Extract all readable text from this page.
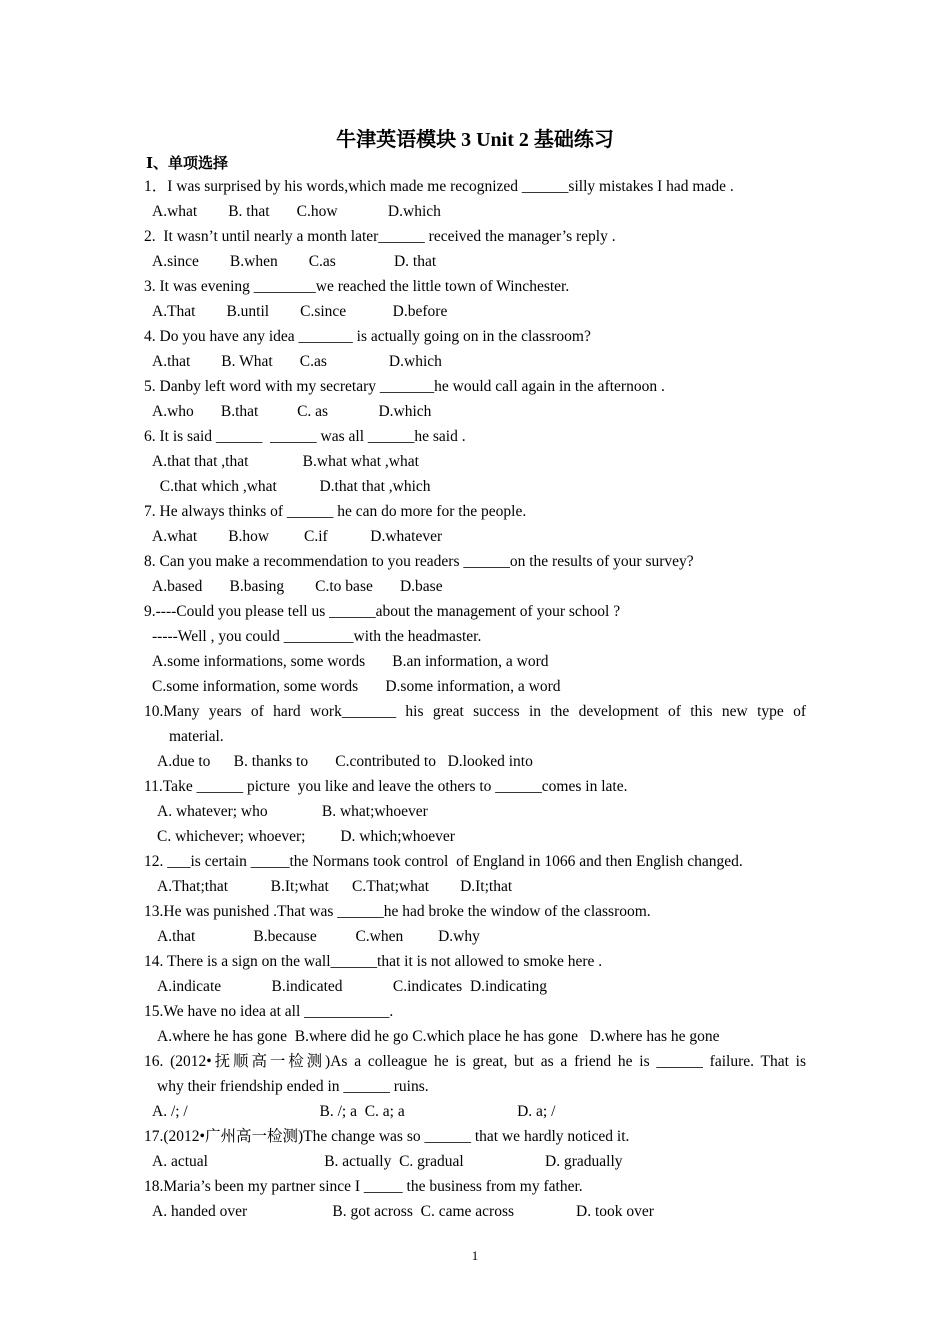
牛津英语模块 3 Unit 2 基础练习
Ⅰ、单项选择
1．I was surprised by his words,which made me recognized ______silly mistakes I had made .
A.what        B. that       C.how             D.which
2.  It wasn’t until nearly a month later______ received the manager’s reply .
A.since        B.when        C.as               D. that
3. It was evening ________we reached the little town of Winchester.
A.That        B.until        C.since            D.before
4. Do you have any idea _______ is actually going on in the classroom?
A.that        B. What       C.as                D.which
5. Danby left word with my secretary _______he would call again in the afternoon .
A.who       B.that          C. as             D.which
6. It is said ______  ______ was all ______he said .
A.that that ,that              B.what what ,what
C.that which ,what           D.that that ,which
7. He always thinks of ______ he can do more for the people.
A.what        B.how         C.if           D.whatever
8. Can you make a recommendation to you readers ______on the results of your survey?
A.based       B.basing        C.to base       D.base
9.----Could you please tell us ______about the management of your school ?
-----Well , you could _________with the headmaster.
A.some informations, some words       B.an information, a word
C.some information, some words       D.some information, a word
10.Many years of hard work_______ his great success in the development of this new type of
material.
A.due to      B. thanks to       C.contributed to   D.looked into
11.Take ______ picture  you like and leave the others to ______comes in late.
A. whatever; who              B. what;whoever
C. whichever; whoever;         D. which;whoever
12. ___is certain _____the Normans took control  of England in 1066 and then English changed.
A.That;that           B.It;what      C.That;what        D.It;that
13.He was punished .That was ______he had broke the window of the classroom.
A.that               B.because          C.when         D.why
14. There is a sign on the wall______that it is not allowed to smoke here .
A.indicate             B.indicated             C.indicates  D.indicating
15.We have no idea at all ___________.
A.where he has gone  B.where did he go C.which place he has gone   D.where has he gone
16. (2012•抚顺高一检测)As a colleague he is great, but as a friend he is ______ failure. That is
why their friendship ended in ______ ruins.
A. /; /                                  B. /; a  C. a; a                             D. a; /
17.(2012•广州高一检测)The change was so ______ that we hardly noticed it.
A. actual                              B. actually  C. gradual                     D. gradually
18.Maria’s been my partner since I _____ the business from my father.
A. handed over                      B. got across  C. came across                D. took over
1
